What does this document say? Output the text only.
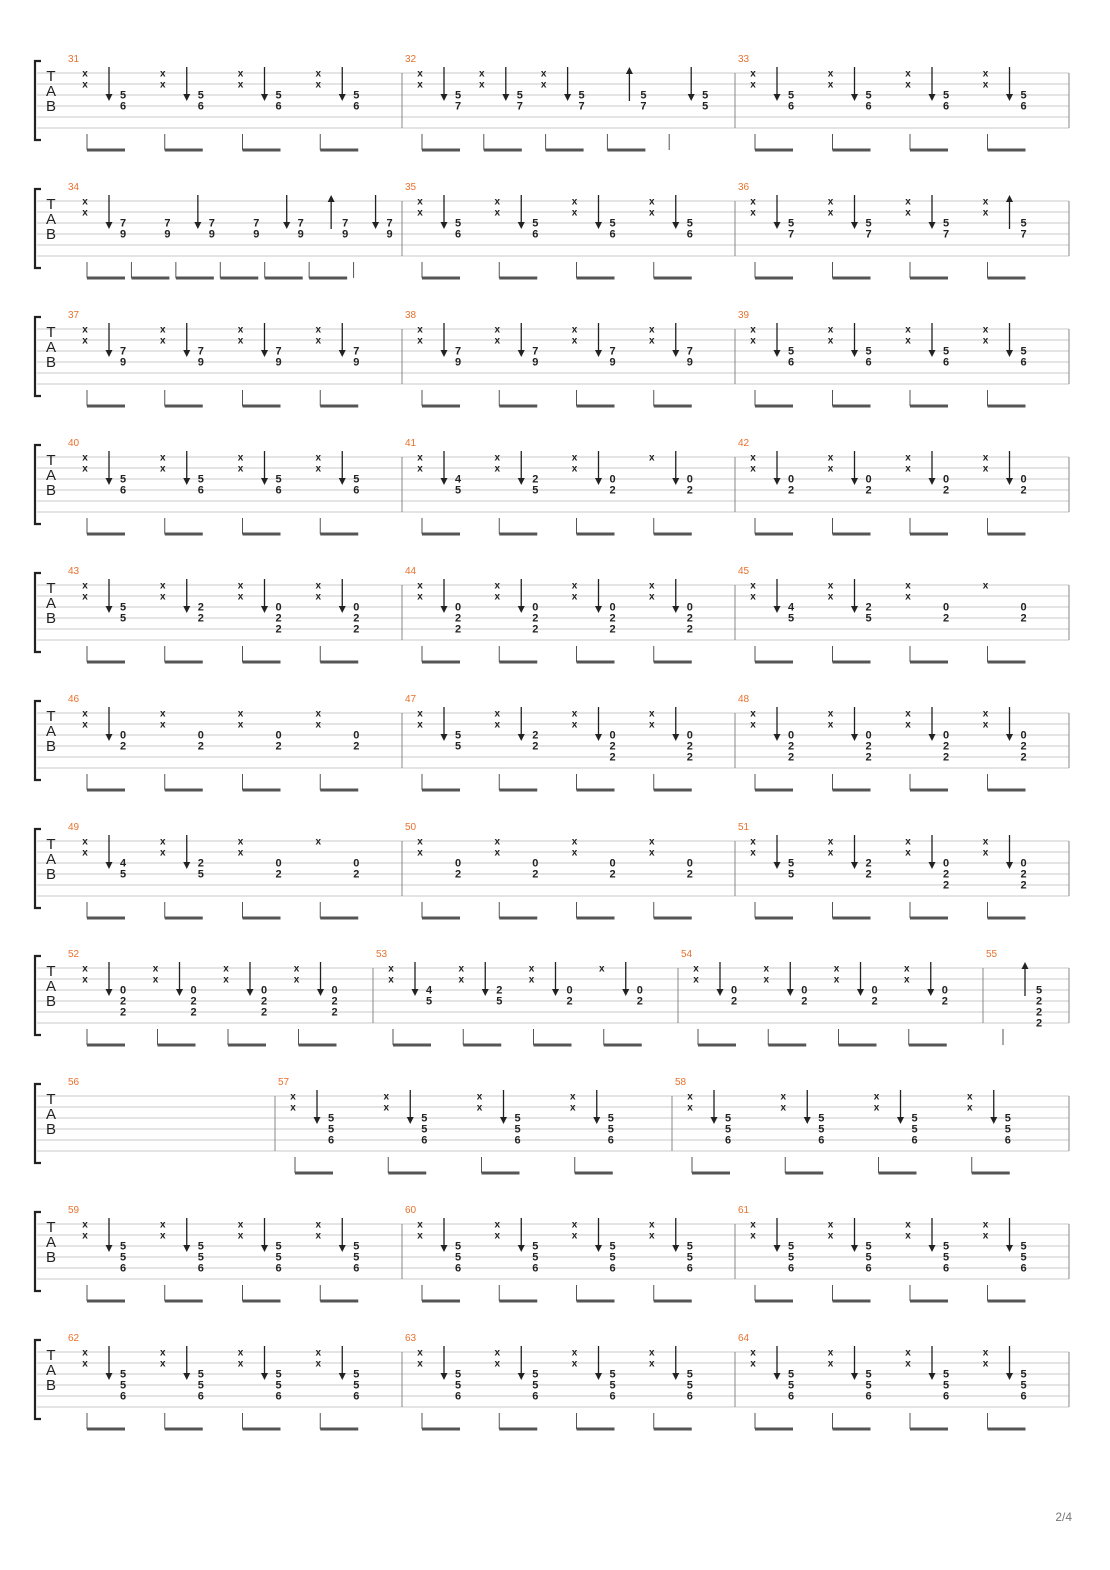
T
A
B
31
x
x
5
6
x
x
5
6
x
x
5
6
x
x
5
6
32
x
x
5
7
x
x
5
7
x
x
5
7
5
7
5
5
33
x
x
5
6
x
x
5
6
x
x
5
6
x
x
5
6
T
A
B
34
x
x
7
9
7
9
7
9
7
9
7
9
7
9
7
9
35
x
x
5
6
x
x
5
6
x
x
5
6
x
x
5
6
36
x
x
5
7
x
x
5
7
x
x
5
7
x
x
5
7
T
A
B
37
x
x
7
9
x
x
7
9
x
x
7
9
x
x
7
9
38
x
x
7
9
x
x
7
9
x
x
7
9
x
x
7
9
39
x
x
5
6
x
x
5
6
x
x
5
6
x
x
5
6
T
A
B
40
x
x
5
6
x
x
5
6
x
x
5
6
x
x
5
6
41
x
x
4
5
x
x
2
5
x
x
0
2
x
0
2
42
x
x
0
2
x
x
0
2
x
x
0
2
x
x
0
2
T
A
B
43
x
x
5
5
x
x
2
2
x
x
0
2
2
x
x
0
2
2
44
x
x
0
2
2
x
x
0
2
2
x
x
0
2
2
x
x
0
2
2
45
x
x
4
5
x
x
2
5
x
x
0
2
x
0
2
T
A
B
46
x
x
0
2
x
x
0
2
x
x
0
2
x
x
0
2
47
x
x
5
5
x
x
2
2
x
x
0
2
2
x
x
0
2
2
48
x
x
0
2
2
x
x
0
2
2
x
x
0
2
2
x
x
0
2
2
T
A
B
49
x
x
4
5
x
x
2
5
x
x
0
2
x
0
2
50
x
x
0
2
x
x
0
2
x
x
0
2
x
x
0
2
51
x
x
5
5
x
x
2
2
x
x
0
2
2
x
x
0
2
2
T
A
B
52
x
x
0
2
2
x
x
0
2
2
x
x
0
2
2
x
x
0
2
2
53
x
x
4
5
x
x
2
5
x
x
0
2
x
0
2
54
x
x
0
2
x
x
0
2
x
x
0
2
x
x
0
2
55
5
2
2
2
T
A
B
56	57
x
x
5
5
6
x
x
5
5
6
x
x
5
5
6
x
x
5
5
6
58
x
x
5
5
6
x
x
5
5
6
x
x
5
5
6
x
x
5
5
6
T
A
B
59
x
x
5
5
6
x
x
5
5
6
x
x
5
5
6
x
x
5
5
6
60
x
x
5
5
6
x
x
5
5
6
x
x
5
5
6
x
x
5
5
6
61
x
x
5
5
6
x
x
5
5
6
x
x
5
5
6
x
x
5
5
6
T
A
B
62
x
x
5
5
6
x
x
5
5
6
x
x
5
5
6
x
x
5
5
6
63
x
x
5
5
6
x
x
5
5
6
x
x
5
5
6
x
x
5
5
6
64
x
x
5
5
6
x
x
5
5
6
x
x
5
5
6
x
x
5
5
6
2/4
